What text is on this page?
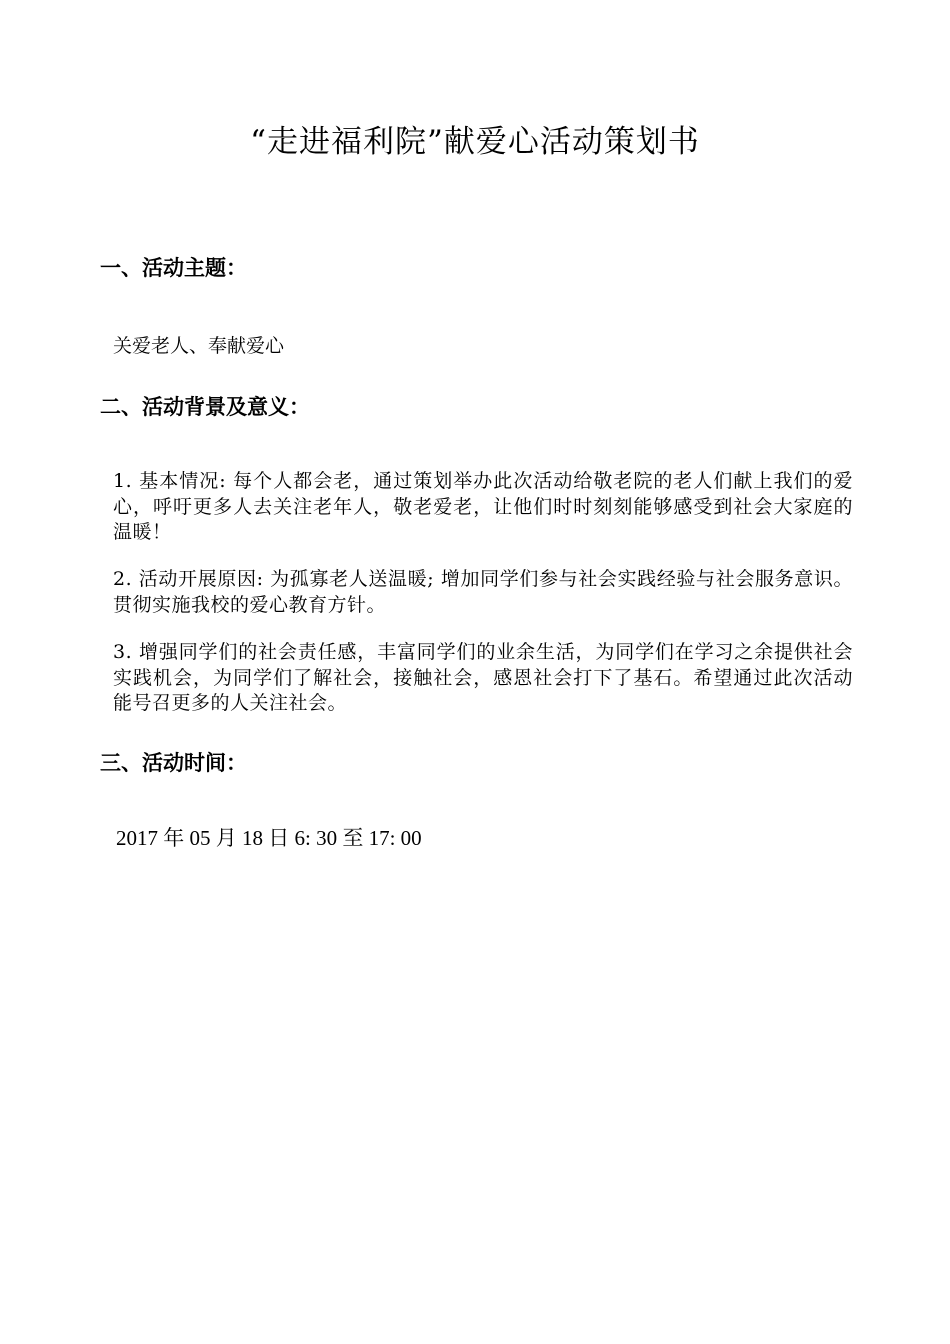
“走进福利院”献爱心活动策划书
一、活动主题：

关爱老人、奉献爱心

二、活动背景及意义：

1. 基本情况: 每个人都会老，通过策划举办此次活动给敬老院的老人们献上我们的爱心，呼吁更多人去关注老年人，敬老爱老，让他们时时刻刻能够感受到社会大家庭的温暖！

2. 活动开展原因: 为孤寡老人送温暖; 增加同学们参与社会实践经验与社会服务意识。贯彻实施我校的爱心教育方针。

3. 增强同学们的社会责任感，丰富同学们的业余生活，为同学们在学习之余提供社会实践机会，为同学们了解社会，接触社会，感恩社会打下了基石。希望通过此次活动能号召更多的人关注社会。

三、活动时间：

2017 年 05 月 18 日 6: 30 至 17: 00
